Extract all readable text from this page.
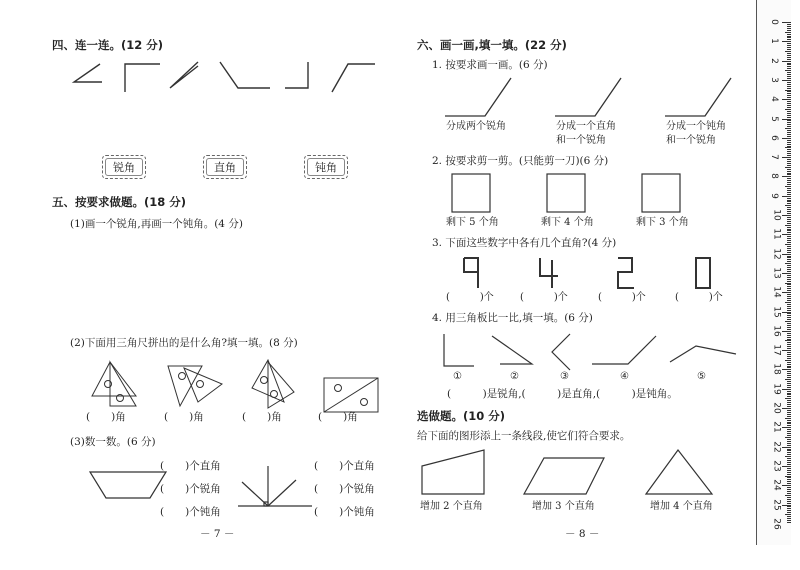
四、连一连。(12 分)
锐角	直角	钝角
五、按要求做题。(18 分)
(1)画一个锐角,再画一个钝角。(4 分)
(2)下面用三角尺拼出的是什么角?填一填。(8 分)
(　　)角	(　　)角	(　　)角	(　　)角
(3)数一数。(6 分)
(　　)个直角
(　　)个锐角
(　　)个钝角
(　　)个直角
(　　)个锐角
(　　)个钝角
－ 7 －
六、画一画,填一填。(22 分)
1. 按要求画一画。(6 分)
分成两个锐角	分成一个直角
和一个锐角
分成一个钝角
和一个锐角
2. 按要求剪一剪。(只能剪一刀)(6 分)
剩下 5 个角	剩下 4 个角	剩下 3 个角
3. 下面这些数字中各有几个直角?(4 分)
(　　　)个	(　　　)个	(　　　)个	(　　　)个
4. 用三角板比一比,填一填。(6 分)
①	②	③	④	⑤
(　　　)是锐角,(　　　)是直角,(　　　)是钝角。
选做题。(10 分)
给下面的图形添上一条线段,使它们符合要求。
增加 2 个直角	增加 3 个直角	增加 4 个直角
－ 8 －
0
1
2
3
4
5
6
7
8
9
10
11
12
13
14
15
16
17
18
19
20
21
22
23
24
25
26
